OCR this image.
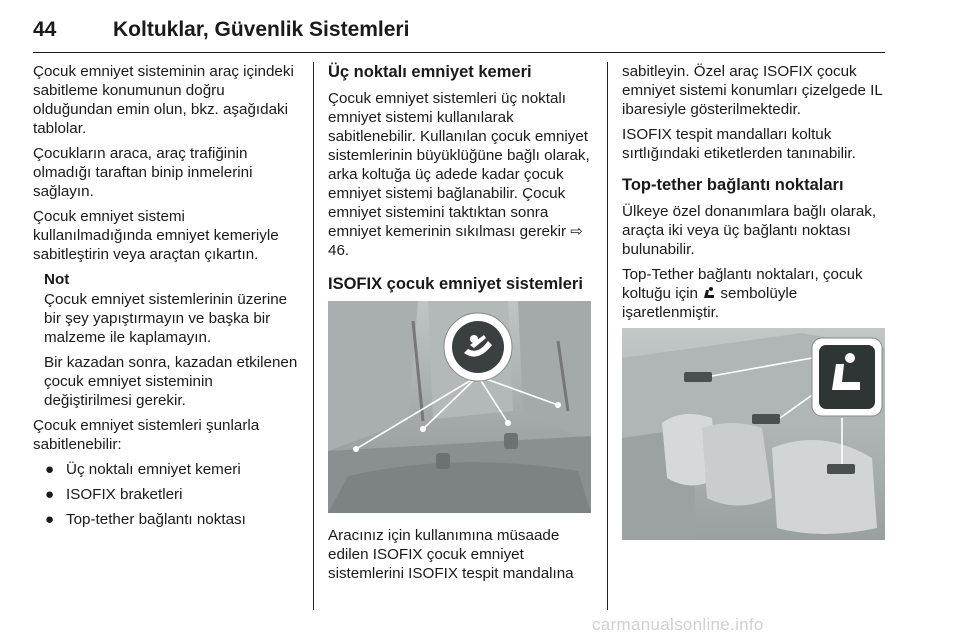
44	Koltuklar, Güvenlik Sistemleri

Çocuk emniyet sisteminin araç içindeki sabitleme konumunun doğru olduğundan emin olun, bkz. aşağıdaki tablolar.

Çocukların araca, araç trafiğinin olmadığı taraftan binip inmelerini sağlayın.

Çocuk emniyet sistemi kullanılmadığında emniyet kemeriyle sabitleştirin veya araçtan çıkartın.

Not

Çocuk emniyet sistemlerinin üzerine bir şey yapıştırmayın ve başka bir malzeme ile kaplamayın.

Bir kazadan sonra, kazadan etkilenen çocuk emniyet sisteminin değiştirilmesi gerekir.

Çocuk emniyet sistemleri şunlarla sabitlenebilir:

● Üç noktalı emniyet kemeri
● ISOFIX braketleri
● Top-tether bağlantı noktası
Üç noktalı emniyet kemeri

Çocuk emniyet sistemleri üç noktalı emniyet sistemi kullanılarak sabitlenebilir. Kullanılan çocuk emniyet sistemlerinin büyüklüğüne bağlı olarak, arka koltuğa üç adede kadar çocuk emniyet sistemi bağlanabilir. Çocuk emniyet sistemini taktıktan sonra emniyet kemerinin sıkılması gerekir ⇨ 46.

ISOFIX çocuk emniyet sistemleri

Aracınız için kullanımına müsaade edilen ISOFIX çocuk emniyet sistemlerini ISOFIX tespit mandalına

sabitleyin. Özel araç ISOFIX çocuk emniyet sistemi konumları çizelgede IL ibaresiyle gösterilmektedir.

ISOFIX tespit mandalları koltuk sırtlığındaki etiketlerden tanınabilir.

Top-tether bağlantı noktaları

Ülkeye özel donanımlara bağlı olarak, araçta iki veya üç bağlantı noktası bulunabilir.

Top-Tether bağlantı noktaları, çocuk koltuğu için  sembolüyle işaretlenmiştir.

carmanualsonline.info
